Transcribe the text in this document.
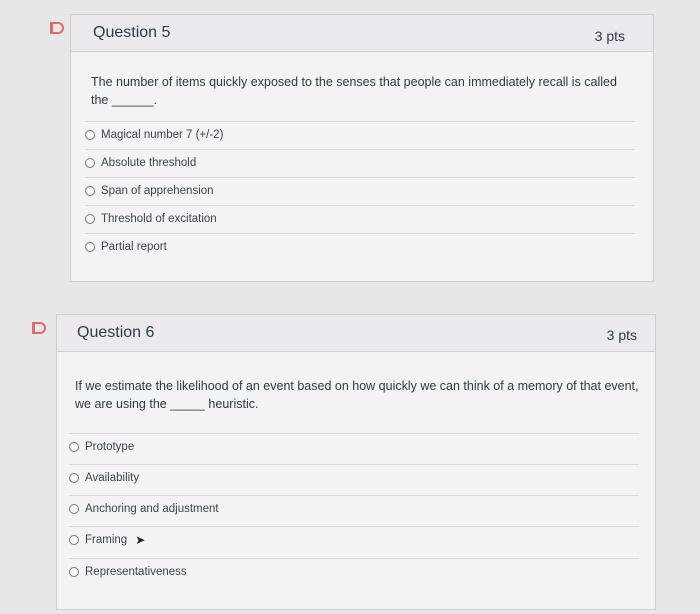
Question 5	3 pts
The number of items quickly exposed to the senses that people can immediately recall is called the ______.
Magical number 7 (+/-2)
Absolute threshold
Span of apprehension
Threshold of excitation
Partial report
Question 6	3 pts
If we estimate the likelihood of an event based on how quickly we can think of a memory of that event, we are using the _____ heuristic.
Prototype
Availability
Anchoring and adjustment
Framing ➤
Representativeness
